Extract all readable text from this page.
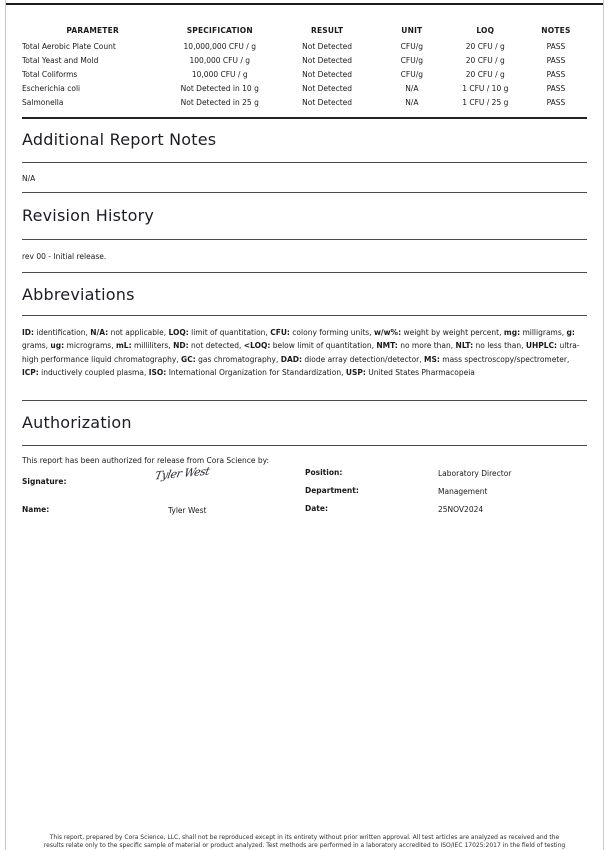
PARAMETER	SPECIFICATION	RESULT	UNIT	LOQ	NOTES
Total Aerobic Plate Count	10,000,000 CFU / g	Not Detected	CFU/g	20 CFU / g	PASS
Total Yeast and Mold	100,000 CFU / g	Not Detected	CFU/g	20 CFU / g	PASS
Total Coliforms	10,000 CFU / g	Not Detected	CFU/g	20 CFU / g	PASS
Escherichia coli	Not Detected in 10 g	Not Detected	N/A	1 CFU / 10 g	PASS
Salmonella	Not Detected in 25 g	Not Detected	N/A	1 CFU / 25 g	PASS
Additional Report Notes
N/A
Revision History
rev 00 - Initial release.
Abbreviations
ID: identification, N/A: not applicable, LOQ: limit of quantitation, CFU: colony forming units, w/w%: weight by weight percent, mg: milligrams, g: grams, ug: micrograms, mL: milliliters, ND: not detected, <LOQ: below limit of quantitation, NMT: no more than, NLT: no less than, UHPLC: ultra-high performance liquid chromatography, GC: gas chromatography, DAD: diode array detection/detector, MS: mass spectroscopy/spectrometer, ICP: inductively coupled plasma, ISO: International Organization for Standardization, USP: United States Pharmacopeia
Authorization
This report has been authorized for release from Cora Science by:
Signature:	Tyler West
Name:	Tyler West
Position:	Laboratory Director
Department:	Management
Date:	25NOV2024
This report, prepared by Cora Science, LLC, shall not be reproduced except in its entirety without prior written approval. All test articles are analyzed as received and the
results relate only to the specific sample of material or product analyzed. Test methods are performed in a laboratory accredited to ISO/IEC 17025:2017 in the field of testing
